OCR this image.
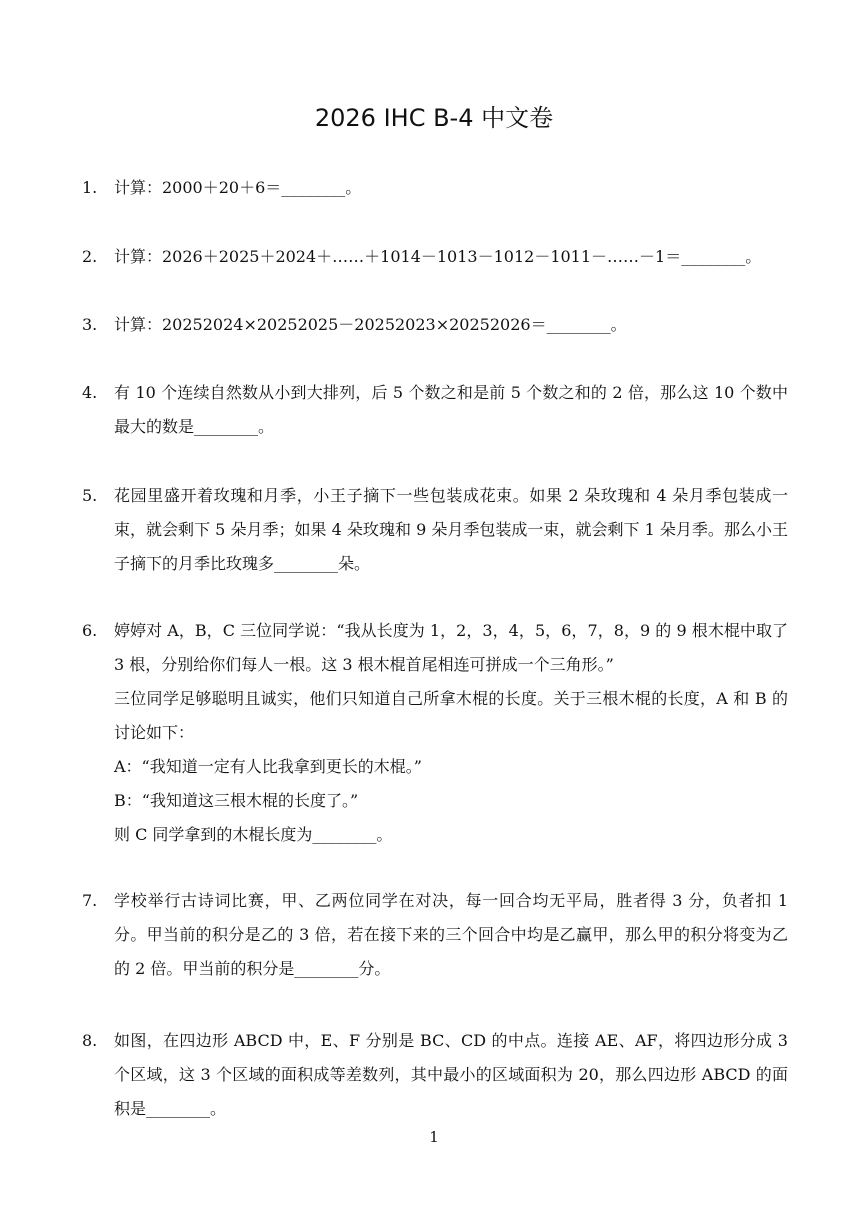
2026 IHC B-4 中文卷
1. 计算：2000＋20＋6＝________。

2. 计算：2026＋2025＋2024＋……＋1014－1013－1012－1011－……－1＝________。

3. 计算：20252024×20252025－20252023×20252026＝________。

4. 有 10 个连续自然数从小到大排列，后 5 个数之和是前 5 个数之和的 2 倍，那么这 10 个数中最大的数是________。

5. 花园里盛开着玫瑰和月季，小王子摘下一些包装成花束。如果 2 朵玫瑰和 4 朵月季包装成一束，就会剩下 5 朵月季；如果 4 朵玫瑰和 9 朵月季包装成一束，就会剩下 1 朵月季。那么小王子摘下的月季比玫瑰多________朵。

6. 婷婷对 A，B，C 三位同学说：“我从长度为 1，2，3，4，5，6，7，8，9 的 9 根木棍中取了 3 根，分别给你们每人一根。这 3 根木棍首尾相连可拼成一个三角形。”

三位同学足够聪明且诚实，他们只知道自己所拿木棍的长度。关于三根木棍的长度，A 和 B 的讨论如下：

A：“我知道一定有人比我拿到更长的木棍。”

B：“我知道这三根木棍的长度了。”

则 C 同学拿到的木棍长度为________。

7. 学校举行古诗词比赛，甲、乙两位同学在对决，每一回合均无平局，胜者得 3 分，负者扣 1 分。甲当前的积分是乙的 3 倍，若在接下来的三个回合中均是乙赢甲，那么甲的积分将变为乙的 2 倍。甲当前的积分是________分。

8. 如图，在四边形 ABCD 中，E、F 分别是 BC、CD 的中点。连接 AE、AF，将四边形分成 3 个区域，这 3 个区域的面积成等差数列，其中最小的区域面积为 20，那么四边形 ABCD 的面积是________。

1
